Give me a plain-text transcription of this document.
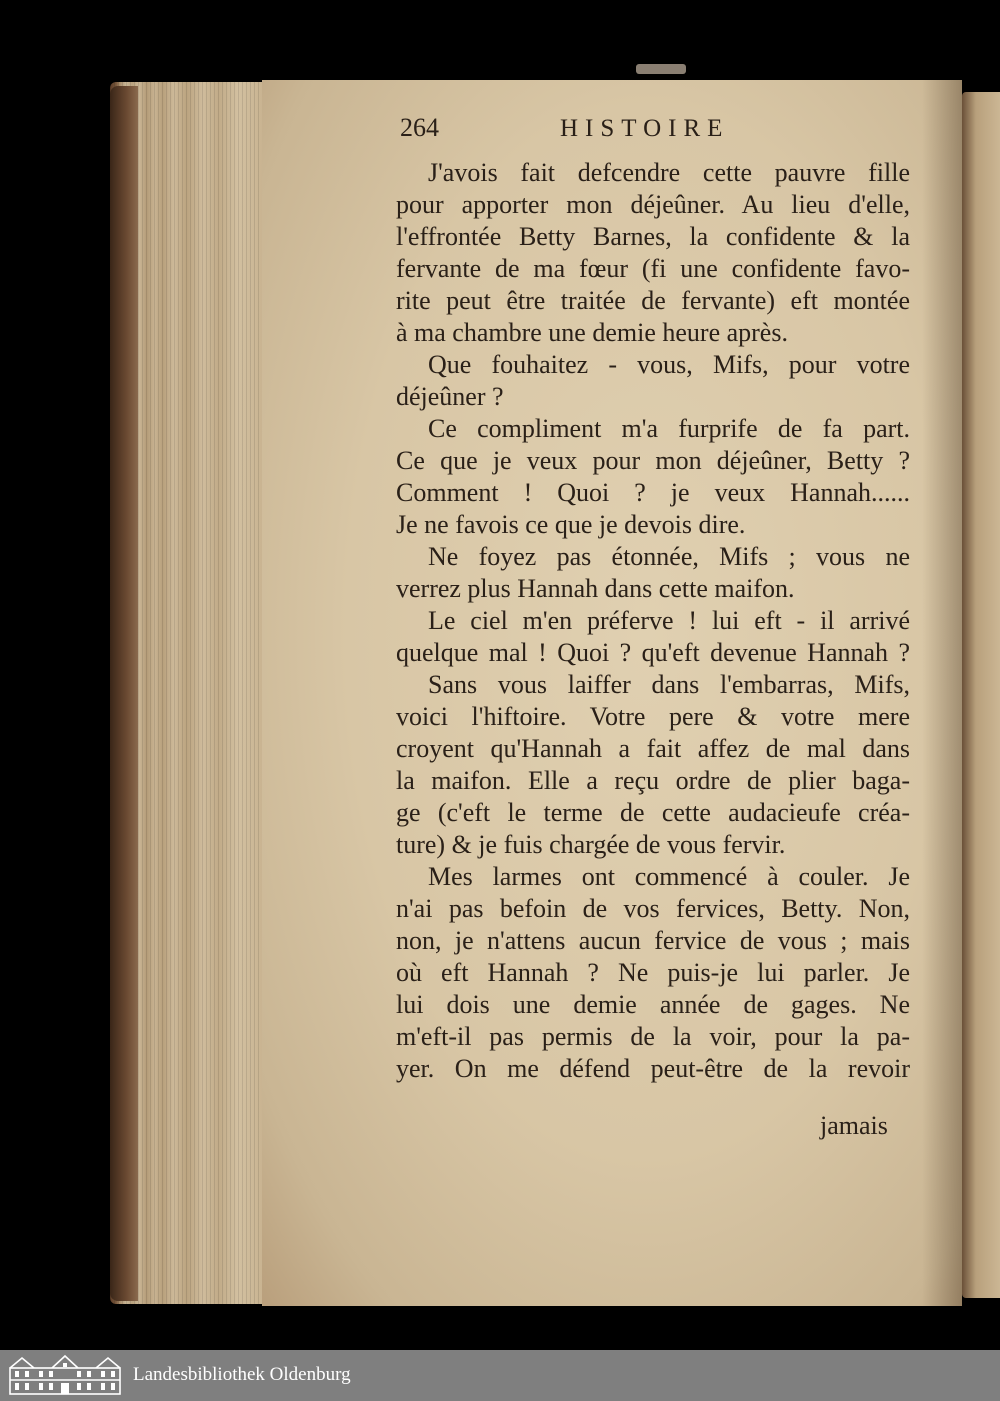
264	HISTOIRE
J'avois fait defcendre cette pauvre fille
pour apporter mon déjeûner. Au lieu d'elle,
l'effrontée Betty Barnes, la confidente & la
fervante de ma fœur (fi une confidente favo-
rite peut être traitée de fervante) eft montée
à ma chambre une demie heure après.
Que fouhaitez - vous, Mifs, pour votre
déjeûner ?
Ce compliment m'a furprife de fa part.
Ce que je veux pour mon déjeûner, Betty ?
Comment ! Quoi ? je veux Hannah......
Je ne favois ce que je devois dire.
Ne foyez pas étonnée, Mifs ; vous ne
verrez plus Hannah dans cette maifon.
Le ciel m'en préferve ! lui eft - il arrivé
quelque mal ! Quoi ? qu'eft devenue Hannah ?
Sans vous laiffer dans l'embarras, Mifs,
voici l'hiftoire. Votre pere & votre mere
croyent qu'Hannah a fait affez de mal dans
la maifon. Elle a reçu ordre de plier baga-
ge (c'eft le terme de cette audacieufe créa-
ture) & je fuis chargée de vous fervir.
Mes larmes ont commencé à couler. Je
n'ai pas befoin de vos fervices, Betty. Non,
non, je n'attens aucun fervice de vous ; mais
où eft Hannah ? Ne puis-je lui parler. Je
lui dois une demie année de gages. Ne
m'eft-il pas permis de la voir, pour la pa-
yer. On me défend peut-être de la revoir
jamais
Landesbibliothek Oldenburg
